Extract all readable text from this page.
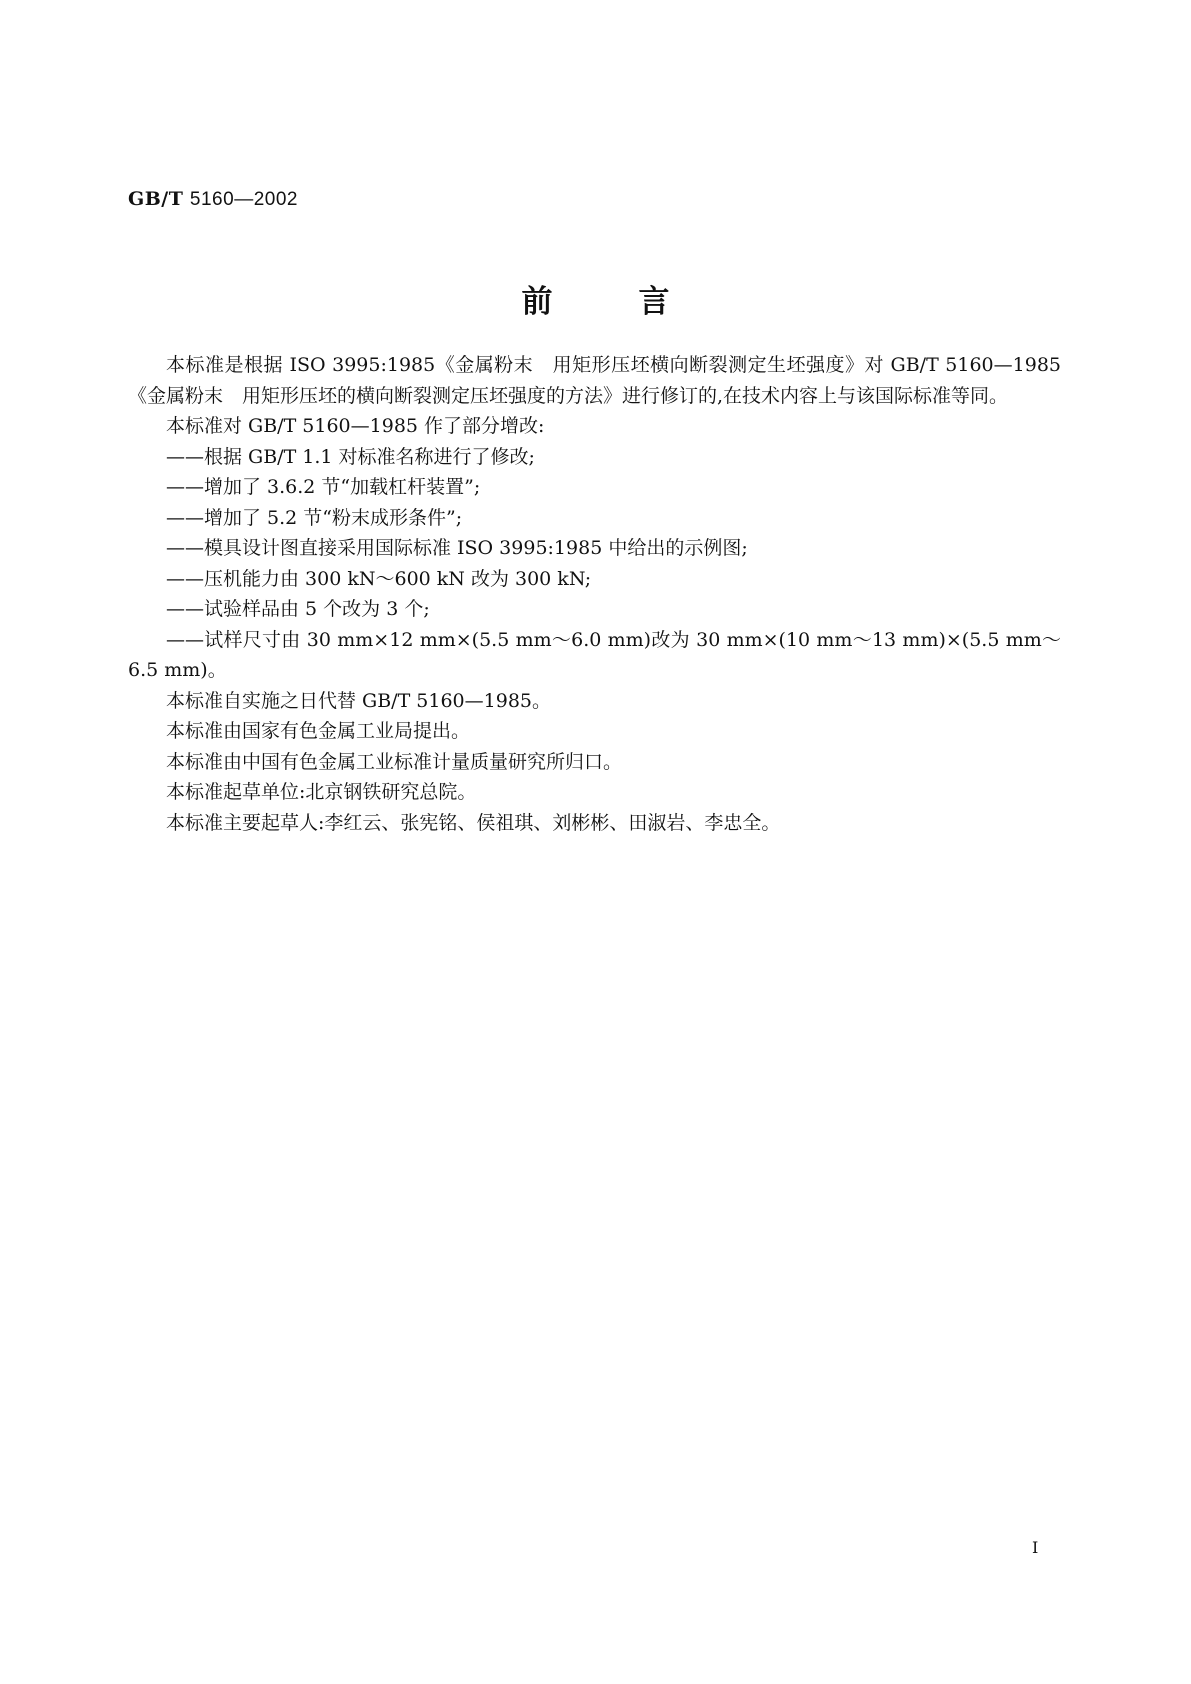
GB/T 5160—2002
前言

本标准是根据 ISO 3995:1985《金属粉末　用矩形压坯横向断裂测定生坯强度》对 GB/T 5160—1985《金属粉末　用矩形压坯的横向断裂测定压坯强度的方法》进行修订的,在技术内容上与该国际标准等同。

本标准对 GB/T 5160—1985 作了部分增改:

——根据 GB/T 1.1 对标准名称进行了修改;

——增加了 3.6.2 节“加载杠杆装置”;

——增加了 5.2 节“粉末成形条件”;

——模具设计图直接采用国际标准 ISO 3995:1985 中给出的示例图;

——压机能力由 300 kN～600 kN 改为 300 kN;

——试验样品由 5 个改为 3 个;

——试样尺寸由 30 mm×12 mm×(5.5 mm～6.0 mm)改为 30 mm×(10 mm～13 mm)×(5.5 mm～6.5 mm)。

本标准自实施之日代替 GB/T 5160—1985。

本标准由国家有色金属工业局提出。

本标准由中国有色金属工业标准计量质量研究所归口。

本标准起草单位:北京钢铁研究总院。

本标准主要起草人:李红云、张宪铭、侯祖琪、刘彬彬、田淑岩、李忠全。

I
